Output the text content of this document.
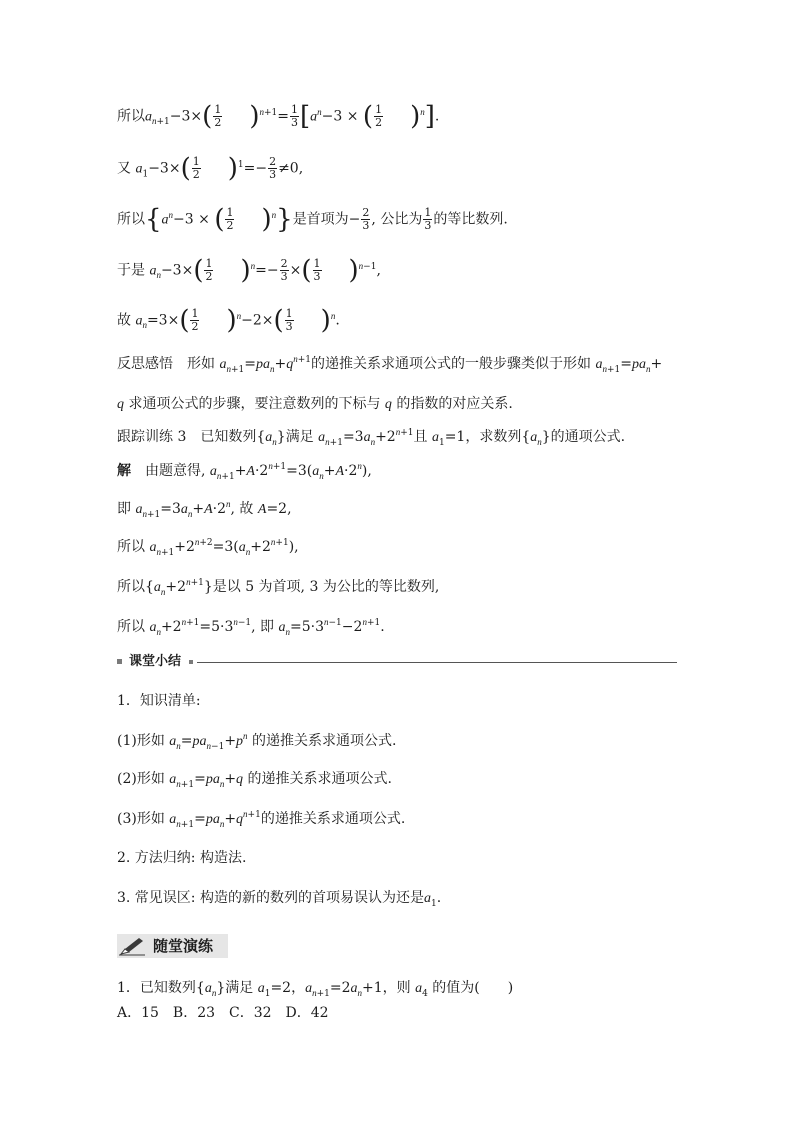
所以$a_{n+1}-3\times( \frac{1}{2} )^{n+1}= \frac{1}{3} [a^n-3$ × ( $\frac{1}{2} )^n$].
又 $a_1-3\times( \frac{1}{2} )^1=- \frac{2}{3} \ne 0$,
所以{$a^n-3$ × ( $\frac{1}{2} )^n$}是首项为− $\frac{2}{3}$ , 公比为 $\frac{1}{3}$ 的等比数列.
于是 $a_n-3\times( \frac{1}{2} )^n=- \frac{2}{3}$ ×( $\frac{1}{3} )^{n-1}$,
故 $a_n=3\times( \frac{1}{2} )^n-2\times( \frac{1}{3} )^n$.
反思感悟　 形如 $a_{n+1}=pa_n+q^{n+1}$的递推关系求通项公式的一般步骤类似于形如 $a_{n+1}=pa_n+$
q 求通项公式的步骤，要注意数列的下标与 q 的指数的对应关系.
跟踪训练 3　 已知数列$\{a_n\}$满足 $a_{n+1}=3a_n+2^{n+1}$且 $a_1=1$，求数列$\{a_n\}$的通项公式.
解　 由题意得, $a_{n+1}+A\cdot 2^{n+1}=3(a_n+A\cdot 2^n)$,
即 $a_{n+1}=3a_n+A\cdot 2^n$, 故 A=2,
所以 $a_{n+1}+2^{n+2}=3(a_n+2^{n+1})$,
所以$\{a_n+2^{n+1}\}$是以 5 为首项, 3 为公比的等比数列,
所以 $a_n+2^{n+1}=5\cdot 3^{n-1}$, 即 $a_n=5\cdot 3^{n-1}-2^{n+1}$.
课堂小结
1．知识清单:
(1)形如 $a_n=pa_{n-1}+p^n$ 的递推关系求通项公式.
(2)形如 $a_{n+1}=pa_n+q$ 的递推关系求通项公式.
(3)形如 $a_{n+1}=pa_n+q^{n+1}$的递推关系求通项公式.
2. 方法归纳: 构造法.
3. 常见误区: 构造的新的数列的首项易误认为还是$a_1$.
随堂演练
1．已知数列$\{a_n\}$满足 $a_1=2$，$a_{n+1}=2a_n+1$，则 $a_4$ 的值为(　　)
A．15　B．23　C．32　D．42
